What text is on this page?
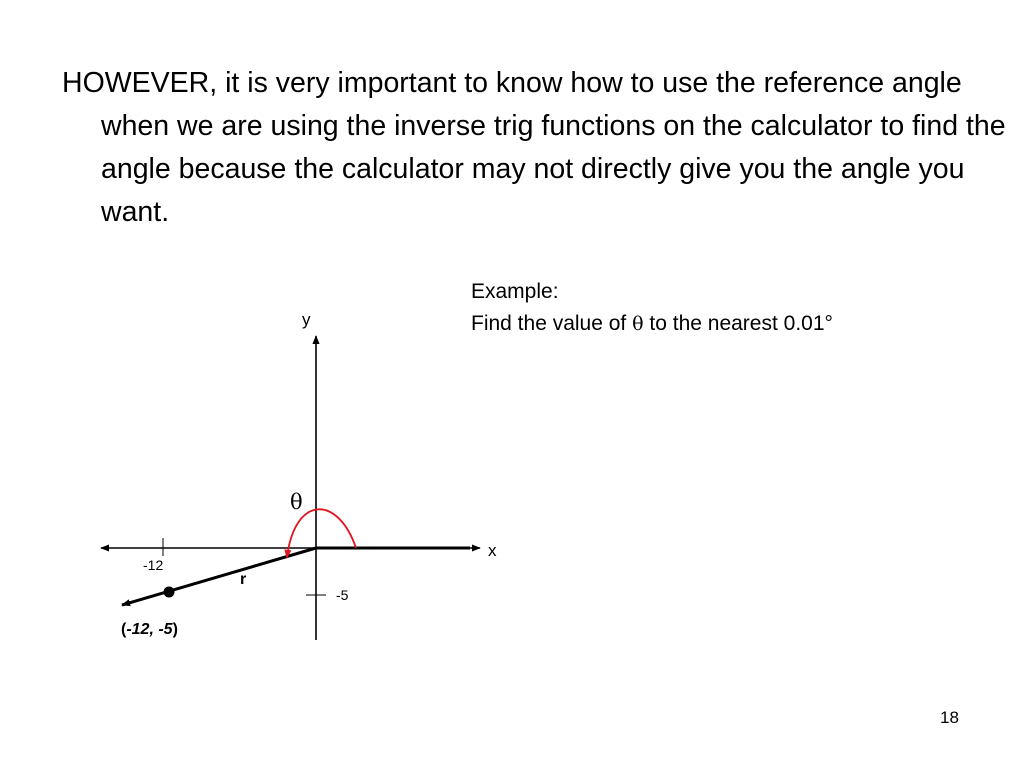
HOWEVER, it is very important to know how to use the reference angle when we are using the inverse trig functions on the calculator to find the angle because the calculator may not directly give you the angle you want.

Example:
Find the value of θ to the nearest 0.01°
y
x
-12
-5
r
θ
(-12, -5)
18
